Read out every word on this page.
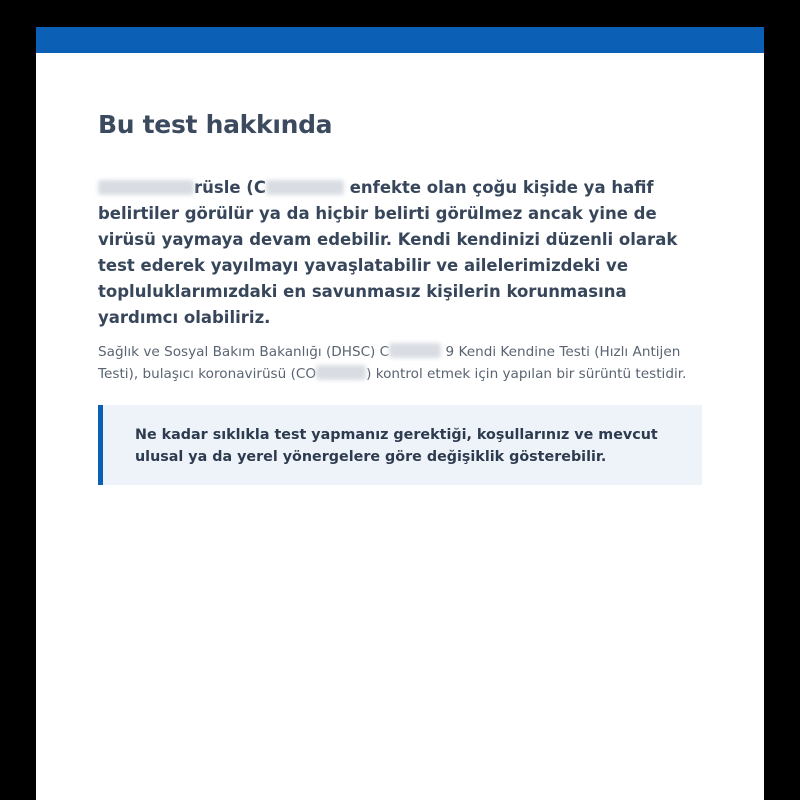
Bu test hakkında

rüsle (C	enfekte olan çoğu kişide ya hafif belirtiler görülür ya da hiçbir belirti görülmez ancak yine de virüsü yaymaya devam edebilir. Kendi kendinizi düzenli olarak test ederek yayılmayı yavaşlatabilir ve ailelerimizdeki ve topluluklarımızdaki en savunmasız kişilerin korunmasına yardımcı olabiliriz.

Sağlık ve Sosyal Bakım Bakanlığı (DHSC) C	9 Kendi Kendine Testi (Hızlı Antijen Testi), bulaşıcı koronavirüsü (CO	) kontrol etmek için yapılan bir sürüntü testidir.

Ne kadar sıklıkla test yapmanız gerektiği, koşullarınız ve mevcut ulusal ya da yerel yönergelere göre değişiklik gösterebilir.
